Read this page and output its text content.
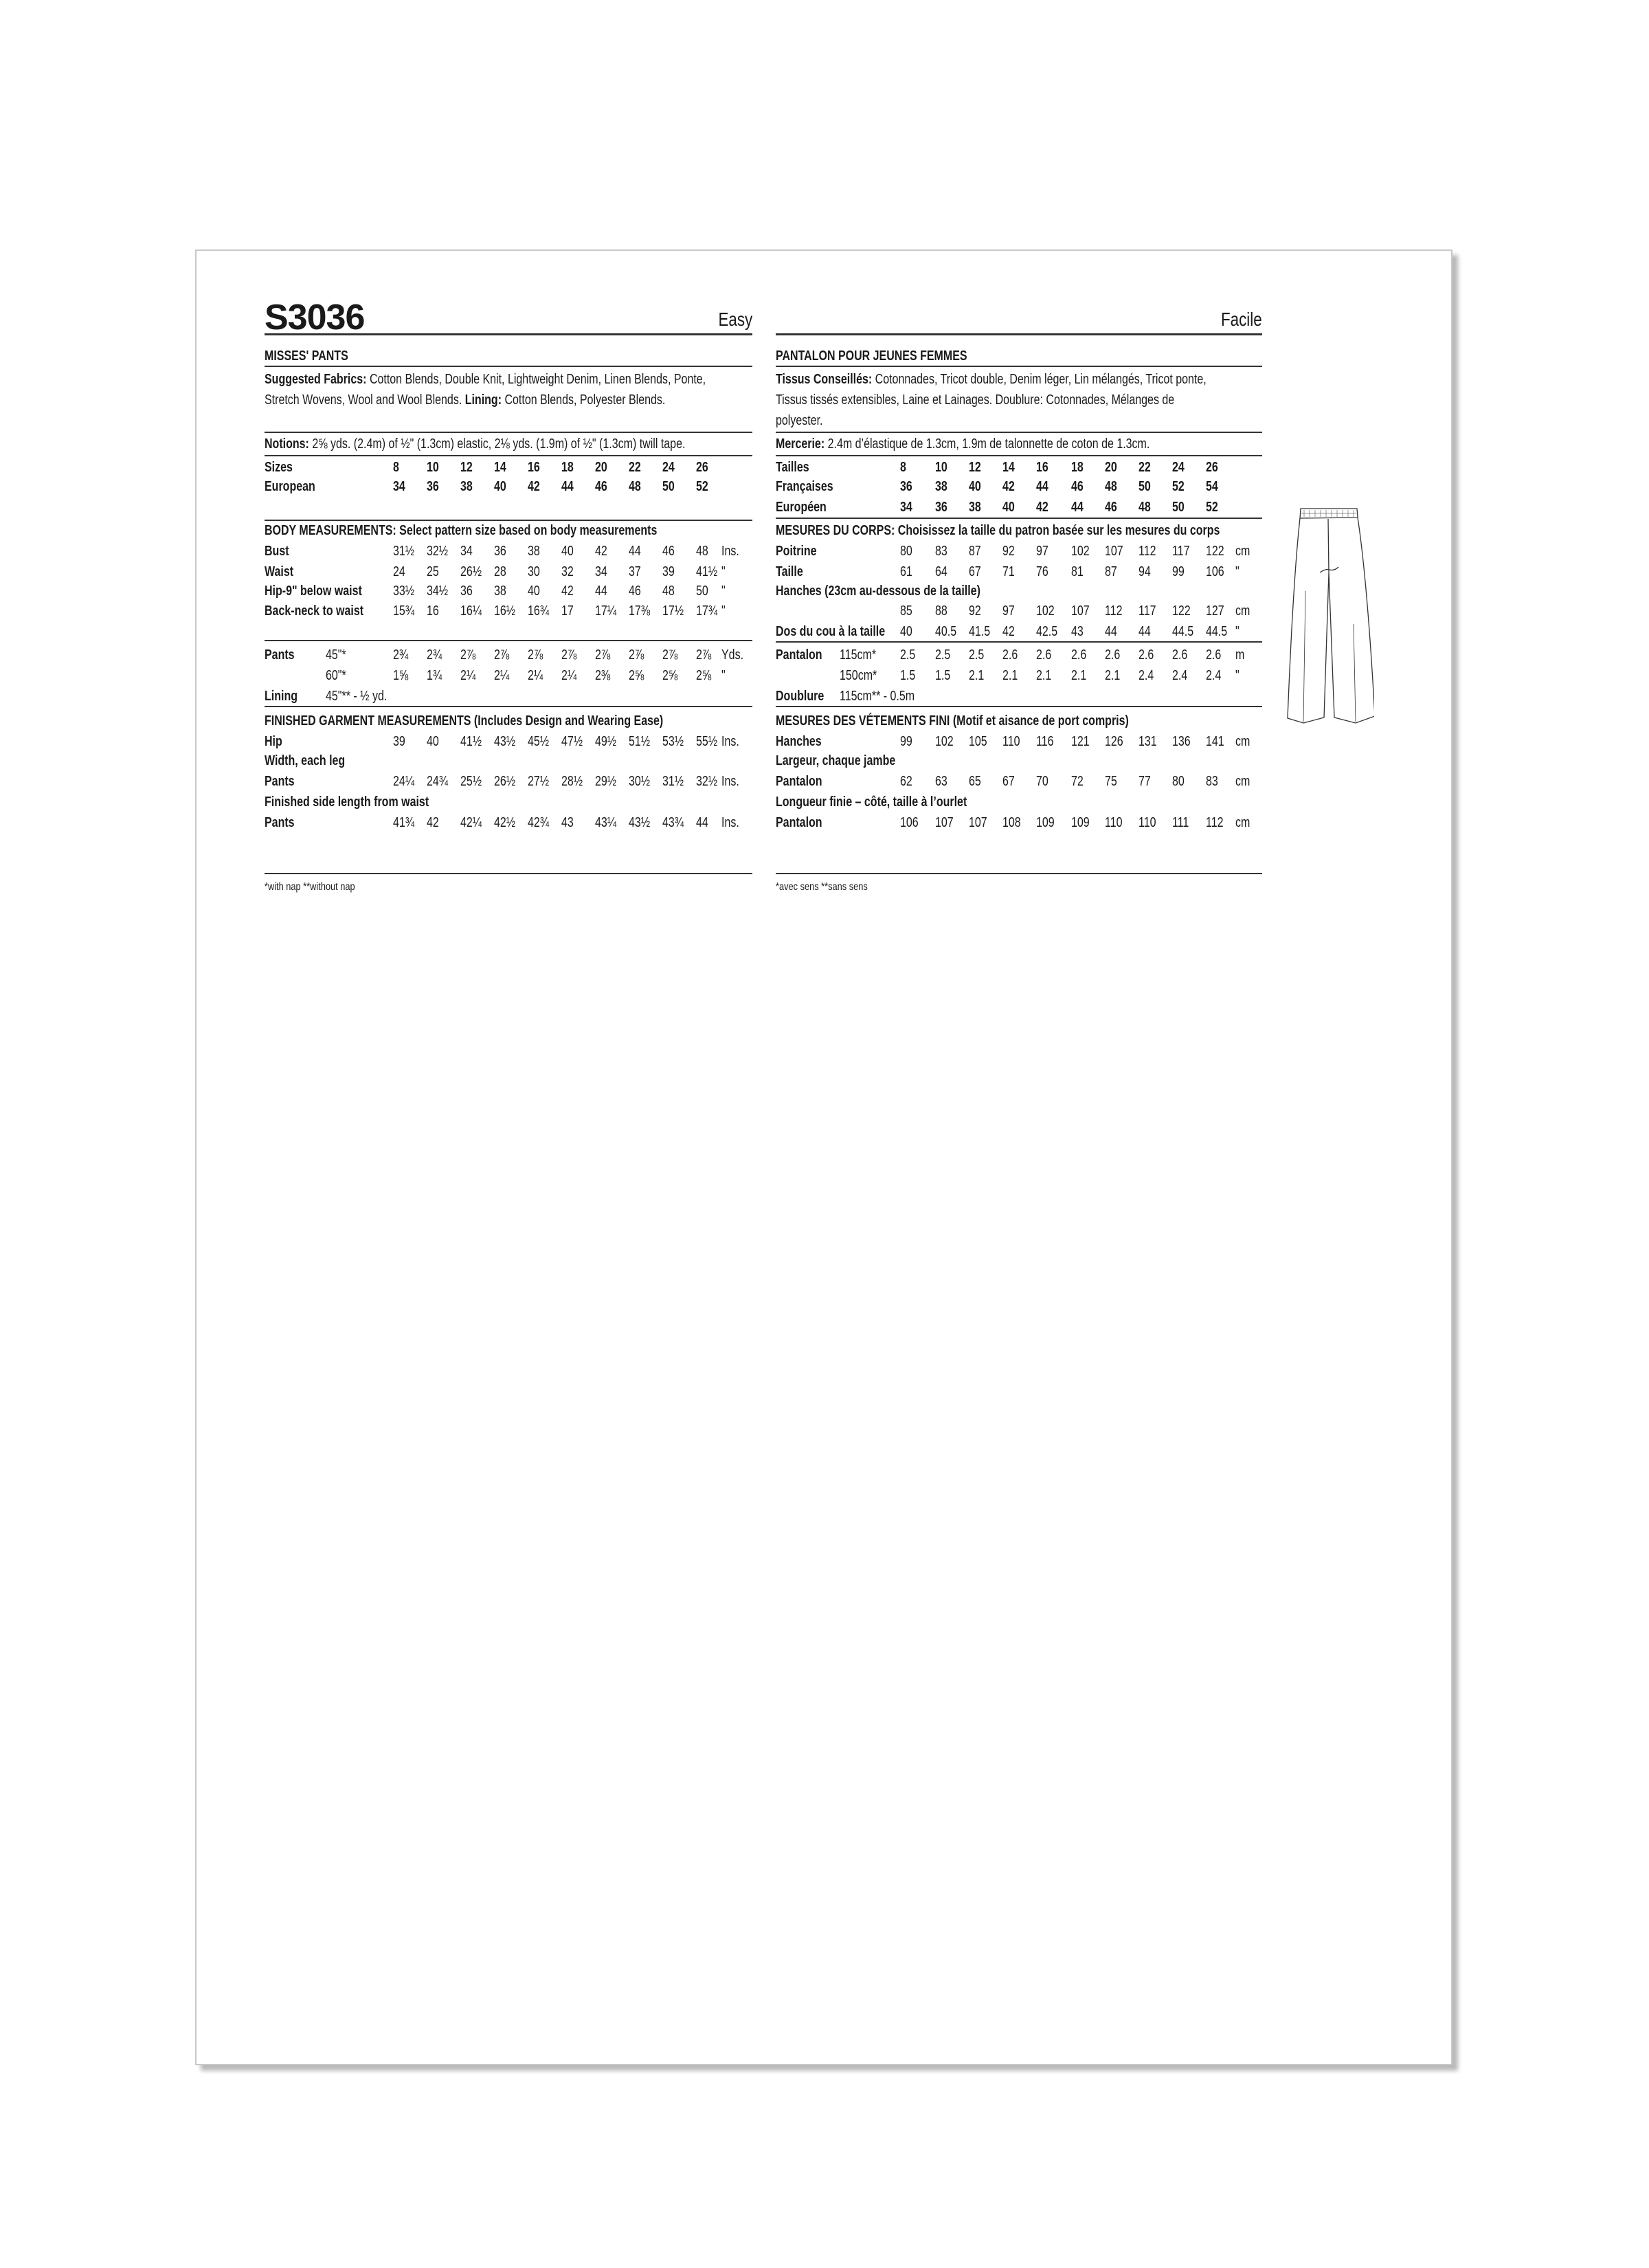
S3036	Easy
MISSES' PANTS
Suggested Fabrics: Cotton Blends, Double Knit, Lightweight Denim, Linen Blends, Ponte,
Stretch Wovens, Wool and Wool Blends. Lining: Cotton Blends, Polyester Blends.
Notions: 2⅝ yds. (2.4m) of ½" (1.3cm) elastic, 2⅛ yds. (1.9m) of ½" (1.3cm) twill tape.
Sizes	8 10 12 14 16 18 20 22 24 26
European	34 36 38 40 42 44 46 48 50 52
BODY MEASUREMENTS: Select pattern size based on body measurements
Bust	31½ 32½ 34 36 38 40 42 44 46 48 Ins.
Waist	24 25 26½ 28 30 32 34 37 39 41½ "
Hip-9" below waist	33½ 34½ 36 38 40 42 44 46 48 50 "
Back-neck to waist	15¾ 16 16¼ 16½ 16¾ 17 17¼ 17⅜ 17½ 17¾ "
Pants	45"*	2¾ 2¾ 2⅞ 2⅞ 2⅞ 2⅞ 2⅞ 2⅞ 2⅞ 2⅞ Yds.
60"*	1⅝ 1¾ 2¼ 2¼ 2¼ 2¼ 2⅜ 2⅝ 2⅝ 2⅝ "
Lining	45"** - ½ yd.
FINISHED GARMENT MEASUREMENTS (Includes Design and Wearing Ease)
Hip	39 40 41½ 43½ 45½ 47½ 49½ 51½ 53½ 55½ Ins.
Width, each leg
Pants	24¼ 24¾ 25½ 26½ 27½ 28½ 29½ 30½ 31½ 32½ Ins.
Finished side length from waist
Pants	41¾ 42 42¼ 42½ 42¾ 43 43¼ 43½ 43¾ 44 Ins.
*with nap **without nap
Facile
PANTALON POUR JEUNES FEMMES
Tissus Conseillés: Cotonnades, Tricot double, Denim léger, Lin mélangés, Tricot ponte,
Tissus tissés extensibles, Laine et Lainages. Doublure: Cotonnades, Mélanges de
polyester.
Mercerie: 2.4m d’élastique de 1.3cm, 1.9m de talonnette de coton de 1.3cm.
Tailles	8 10 12 14 16 18 20 22 24 26
Françaises	36 38 40 42 44 46 48 50 52 54
Européen	34 36 38 40 42 44 46 48 50 52
MESURES DU CORPS: Choisissez la taille du patron basée sur les mesures du corps
Poitrine	80 83 87 92 97 102	107	112	117	122 cm
Taille	61 64 67 71 76 81 87 94 99 106 "
Hanches (23cm au-dessous de la taille)
85 88 92 97 102	107	112	117	122	127 cm
Dos du cou à la taille	40 40.5 41.5 42 42.5 43 44 44 44.5 44.5 "
Pantalon	115cm*	2.5 2.5 2.5 2.6 2.6 2.6 2.6 2.6 2.6 2.6 m
150cm*	1.5 1.5 2.1 2.1 2.1 2.1 2.1 2.4 2.4 2.4 "
Doublure	115cm** - 0.5m
MESURES DES VÉTEMENTS FINI (Motif et aisance de port compris)
Hanches	99 102	105	110	116	121	126	131	136	141 cm
Largeur, chaque jambe
Pantalon	62 63 65 67 70 72 75 77 80 83 cm
Longueur finie – côté, taille à l’ourlet
Pantalon	106	107	107	108	109	109	110	110	111	112 cm
*avec sens **sans sens
